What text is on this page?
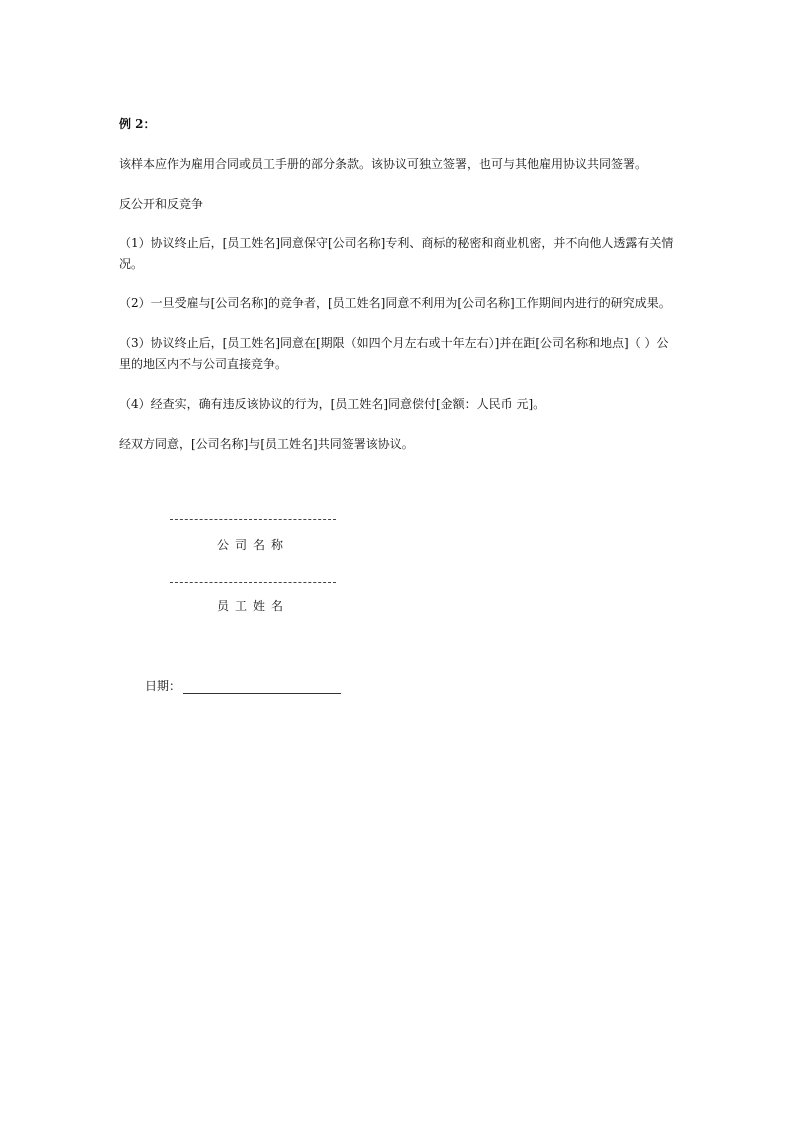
例 2：

该样本应作为雇用合同或员工手册的部分条款。该协议可独立签署，也可与其他雇用协议共同签署。

反公开和反竞争

（1）协议终止后，[员工姓名]同意保守[公司名称]专利、商标的秘密和商业机密，并不向他人透露有关情况。

（2）一旦受雇与[公司名称]的竞争者，[员工姓名]同意不利用为[公司名称]工作期间内进行的研究成果。

（3）协议终止后，[员工姓名]同意在[期限（如四个月左右或十年左右）]并在距[公司名称和地点]（ ）公里的地区内不与公司直接竞争。

（4）经查实，确有违反该协议的行为，[员工姓名]同意偿付[金额：人民币 元]。

经双方同意，[公司名称]与[员工姓名]共同签署该协议。

公司名称
员工姓名
日期：
